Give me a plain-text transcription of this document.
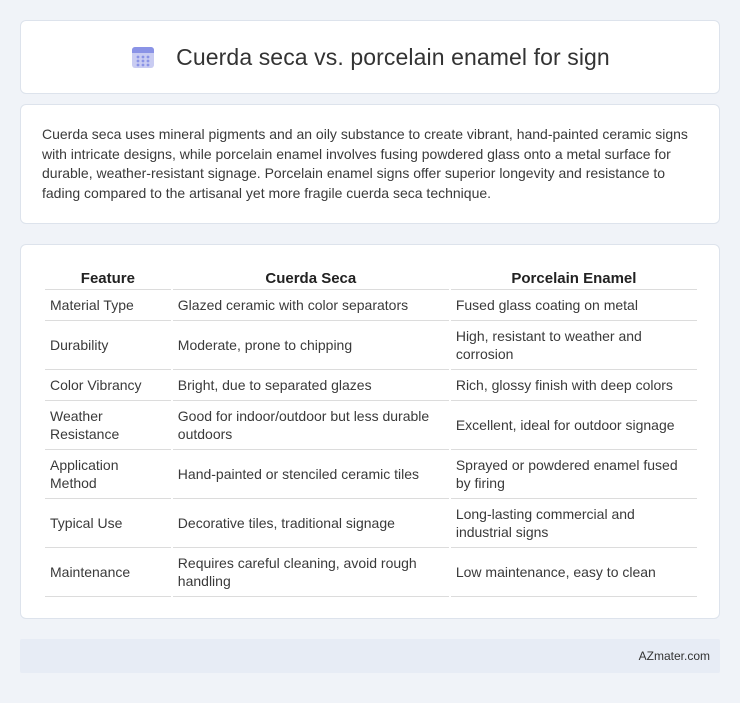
Cuerda seca vs. porcelain enamel for sign

Cuerda seca uses mineral pigments and an oily substance to create vibrant, hand-painted ceramic signs with intricate designs, while porcelain enamel involves fusing powdered glass onto a metal surface for durable, weather-resistant signage. Porcelain enamel signs offer superior longevity and resistance to fading compared to the artisanal yet more fragile cuerda seca technique.

Feature	Cuerda Seca	Porcelain Enamel
Material Type	Glazed ceramic with color separators	Fused glass coating on metal
Durability	Moderate, prone to chipping	High, resistant to weather and corrosion
Color Vibrancy	Bright, due to separated glazes	Rich, glossy finish with deep colors
Weather Resistance	Good for indoor/outdoor but less durable outdoors	Excellent, ideal for outdoor signage
Application Method	Hand-painted or stenciled ceramic tiles	Sprayed or powdered enamel fused by firing
Typical Use	Decorative tiles, traditional signage	Long-lasting commercial and industrial signs
Maintenance	Requires careful cleaning, avoid rough handling	Low maintenance, easy to clean
AZmater.com
